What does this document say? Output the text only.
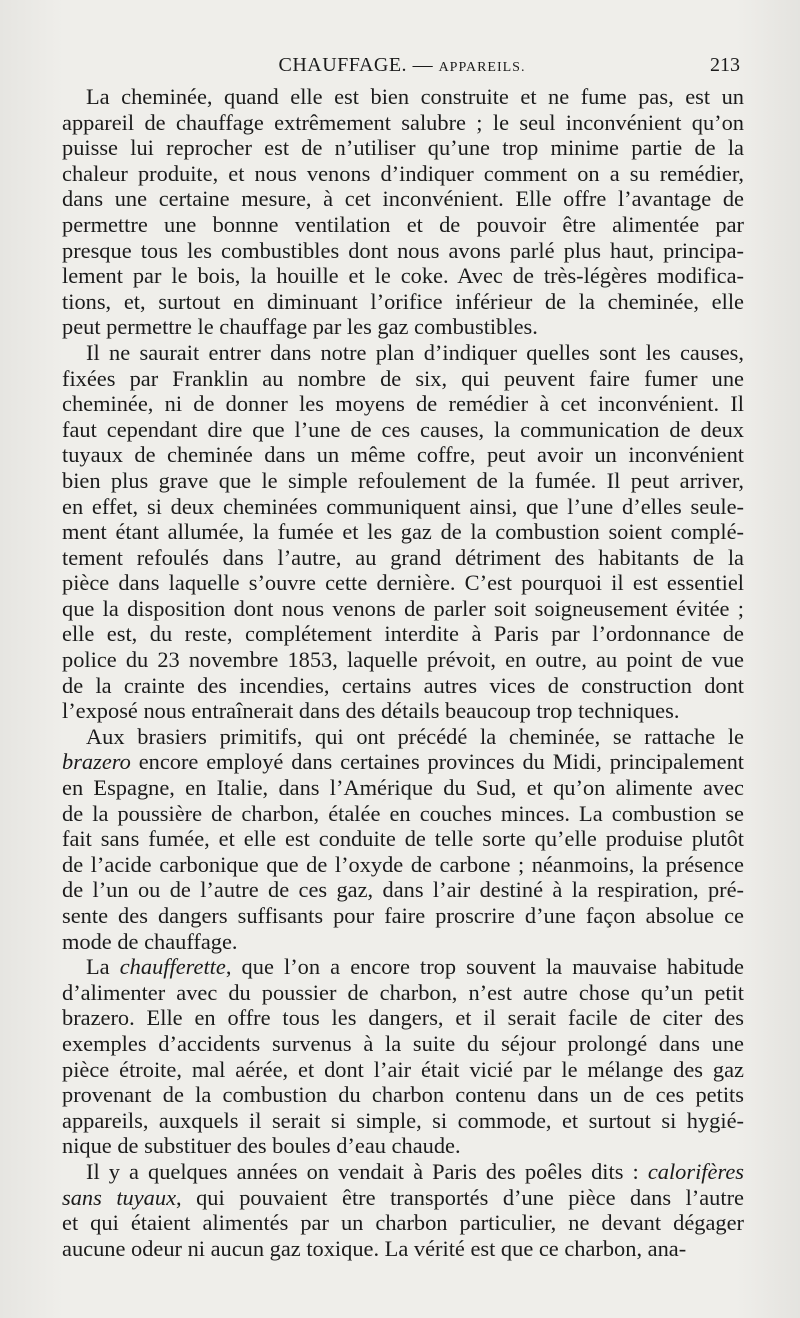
CHAUFFAGE. — APPAREILS.	213
La cheminée, quand elle est bien construite et ne fume pas, est un
appareil de chauffage extrêmement salubre ; le seul inconvénient qu’on
puisse lui reprocher est de n’utiliser qu’une trop minime partie de la
chaleur produite, et nous venons d’indiquer comment on a su remédier,
dans une certaine mesure, à cet inconvénient. Elle offre l’avantage de
permettre une bonnne ventilation et de pouvoir être alimentée par
presque tous les combustibles dont nous avons parlé plus haut, principa-
lement par le bois, la houille et le coke. Avec de très-légères modifica-
tions, et, surtout en diminuant l’orifice inférieur de la cheminée, elle
peut permettre le chauffage par les gaz combustibles.
Il ne saurait entrer dans notre plan d’indiquer quelles sont les causes,
fixées par Franklin au nombre de six, qui peuvent faire fumer une
cheminée, ni de donner les moyens de remédier à cet inconvénient. Il
faut cependant dire que l’une de ces causes, la communication de deux
tuyaux de cheminée dans un même coffre, peut avoir un inconvénient
bien plus grave que le simple refoulement de la fumée. Il peut arriver,
en effet, si deux cheminées communiquent ainsi, que l’une d’elles seule-
ment étant allumée, la fumée et les gaz de la combustion soient complé-
tement refoulés dans l’autre, au grand détriment des habitants de la
pièce dans laquelle s’ouvre cette dernière. C’est pourquoi il est essentiel
que la disposition dont nous venons de parler soit soigneusement évitée ;
elle est, du reste, complétement interdite à Paris par l’ordonnance de
police du 23 novembre 1853, laquelle prévoit, en outre, au point de vue
de la crainte des incendies, certains autres vices de construction dont
l’exposé nous entraînerait dans des détails beaucoup trop techniques.
Aux brasiers primitifs, qui ont précédé la cheminée, se rattache le
brazero encore employé dans certaines provinces du Midi, principalement
en Espagne, en Italie, dans l’Amérique du Sud, et qu’on alimente avec
de la poussière de charbon, étalée en couches minces. La combustion se
fait sans fumée, et elle est conduite de telle sorte qu’elle produise plutôt
de l’acide carbonique que de l’oxyde de carbone ; néanmoins, la présence
de l’un ou de l’autre de ces gaz, dans l’air destiné à la respiration, pré-
sente des dangers suffisants pour faire proscrire d’une façon absolue ce
mode de chauffage.
La chaufferette, que l’on a encore trop souvent la mauvaise habitude
d’alimenter avec du poussier de charbon, n’est autre chose qu’un petit
brazero. Elle en offre tous les dangers, et il serait facile de citer des
exemples d’accidents survenus à la suite du séjour prolongé dans une
pièce étroite, mal aérée, et dont l’air était vicié par le mélange des gaz
provenant de la combustion du charbon contenu dans un de ces petits
appareils, auxquels il serait si simple, si commode, et surtout si hygié-
nique de substituer des boules d’eau chaude.
Il y a quelques années on vendait à Paris des poêles dits : calorifères
sans tuyaux, qui pouvaient être transportés d’une pièce dans l’autre
et qui étaient alimentés par un charbon particulier, ne devant dégager
aucune odeur ni aucun gaz toxique. La vérité est que ce charbon, ana-
